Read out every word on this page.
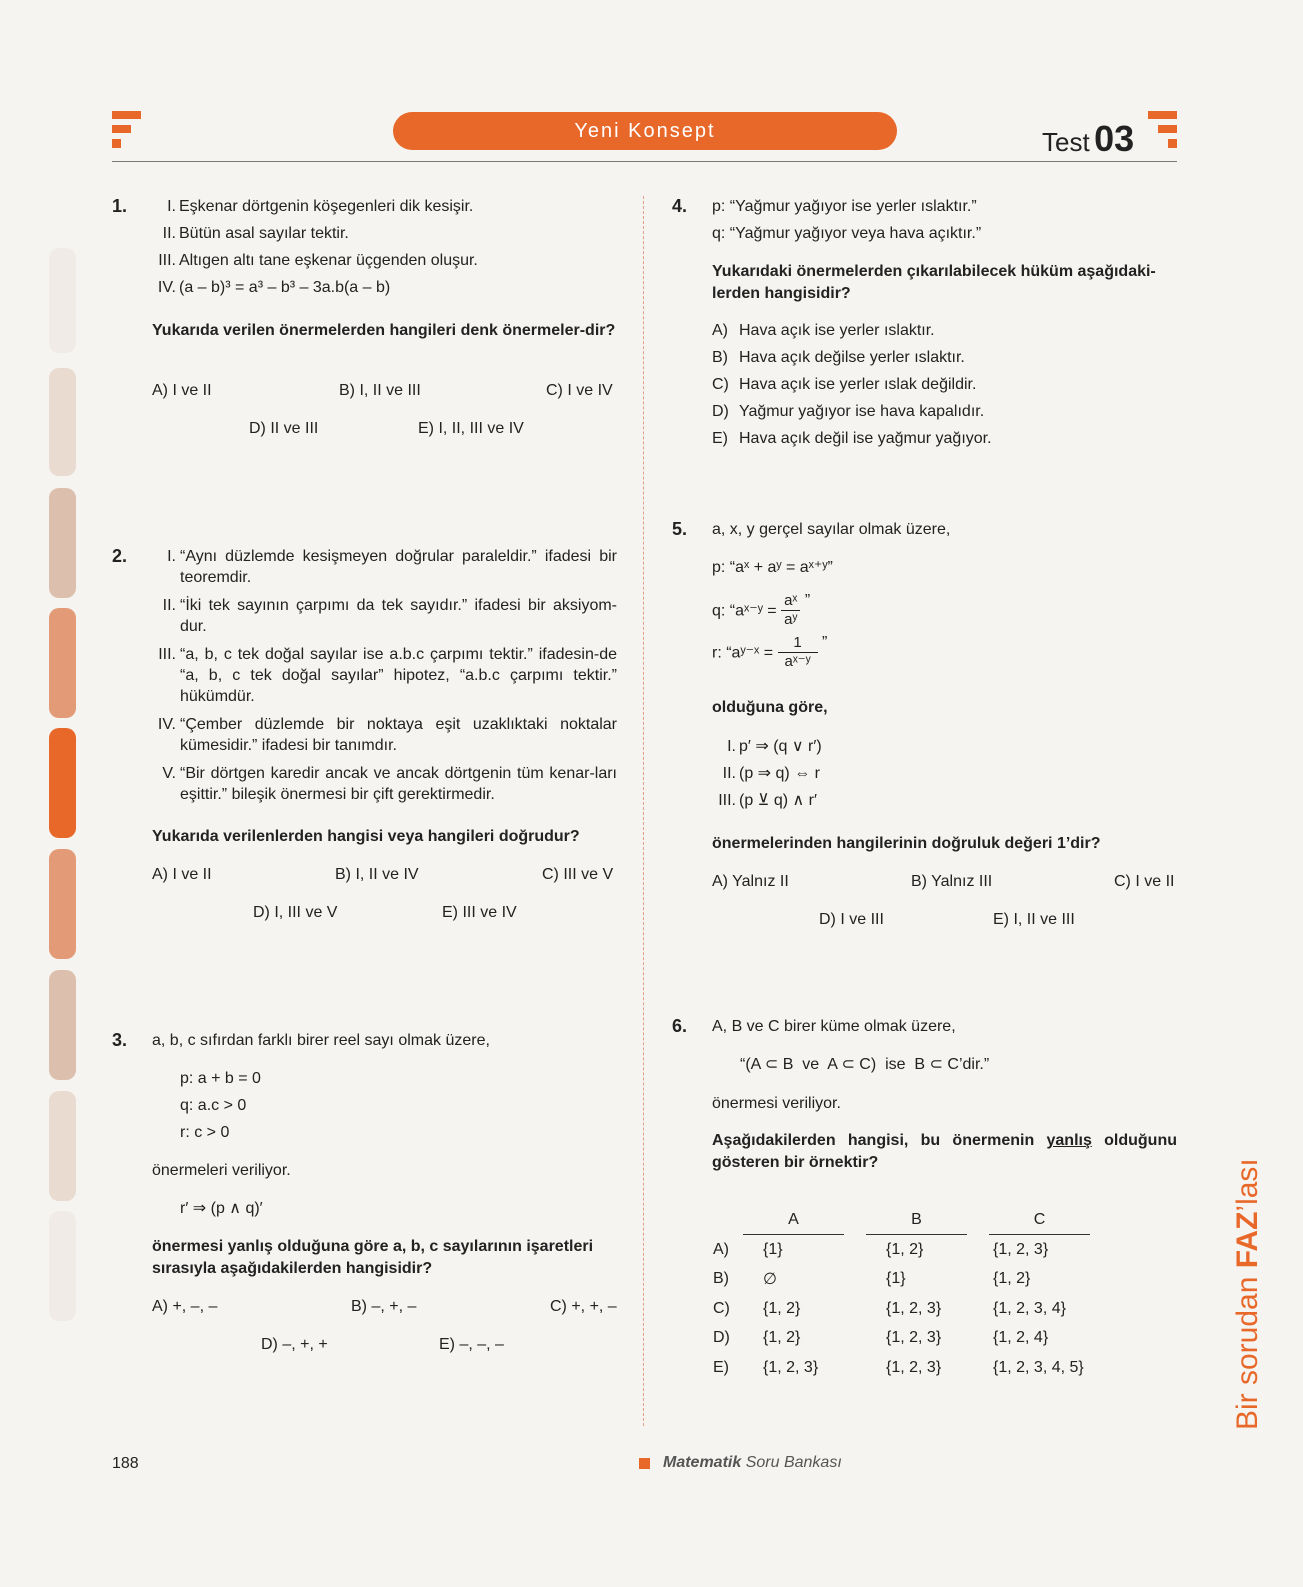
Yeni Konsept	Test 03
1.	I. Eşkenar dörtgenin köşegenleri dik kesişir.
II. Bütün asal sayılar tektir.
III. Altıgen altı tane eşkenar üçgenden oluşur.
IV. (a – b)³ = a³ – b³ – 3a.b(a – b)
Yukarıda verilen önermelerden hangileri denk önermeler-dir?
A) I ve II	B) I, II ve III	C) I ve IV
D) II ve III	E) I, II, III ve IV
2.	I. “Aynı düzlemde kesişmeyen doğrular paraleldir.” ifadesi bir teoremdir.
II. “İki tek sayının çarpımı da tek sayıdır.” ifadesi bir aksiyom-dur.
III. “a, b, c tek doğal sayılar ise a.b.c çarpımı tektir.” ifadesin-de “a, b, c tek doğal sayılar” hipotez, “a.b.c çarpımı tektir.” hükümdür.
IV. “Çember düzlemde bir noktaya eşit uzaklıktaki noktalar kümesidir.” ifadesi bir tanımdır.
V. “Bir dörtgen karedir ancak ve ancak dörtgenin tüm kenar-ları eşittir.” bileşik önermesi bir çift gerektirmedir.
Yukarıda verilenlerden hangisi veya hangileri doğrudur?
A) I ve II	B) I, II ve IV	C) III ve V
D) I, III ve V	E) III ve IV
3. a, b, c sıfırdan farklı birer reel sayı olmak üzere,
p: a + b = 0
q: a.c > 0
r: c > 0
önermeleri veriliyor.
r′ ⇒ (p ∧ q)′
önermesi yanlış olduğuna göre a, b, c sayılarının işaretleri sırasıyla aşağıdakilerden hangisidir?
A) +, –, –	B) –, +, –	C) +, +, –
D) –, +, +	E) –, –, –
4. p: “Yağmur yağıyor ise yerler ıslaktır.”
q: “Yağmur yağıyor veya hava açıktır.”
Yukarıdaki önermelerden çıkarılabilecek hüküm aşağıdaki-lerden hangisidir?
A) Hava açık ise yerler ıslaktır.
B) Hava açık değilse yerler ıslaktır.
C) Hava açık ise yerler ıslak değildir.
D) Yağmur yağıyor ise hava kapalıdır.
E) Hava açık değil ise yağmur yağıyor.
5. a, x, y gerçel sayılar olmak üzere,
p: “aˣ + aʸ = aˣ⁺ʸ”
q: “aˣ⁻ʸ = $\frac{\text{aˣ}}{\text{aʸ}}$ ”
r: “aʸ⁻ˣ = $\frac{1}{\text{aˣ⁻ʸ}}$ ”
olduğuna göre,
I. p′ ⇒ (q ∨ r′)
II. (p ⇒ q) ⇔ r
III. (p ⊻ q) ∧ r′
önermelerinden hangilerinin doğruluk değeri 1’dir?
A) Yalnız II	B) Yalnız III	C) I ve II
D) I ve III	E) I, II ve III
6. A, B ve C birer küme olmak üzere,
“(A ⊂ B  ve  A ⊂ C)  ise  B ⊂ C’dir.”
önermesi veriliyor.
Aşağıdakilerden hangisi, bu önermenin yanlış olduğunu gösteren bir örnektir?
	A		B		C
A)	{1}		{1, 2}		{1, 2, 3}
B)	∅		{1}		{1, 2}
C)	{1, 2}		{1, 2, 3}		{1, 2, 3, 4}
D)	{1, 2}		{1, 2, 3}		{1, 2, 4}
E)	{1, 2, 3}		{1, 2, 3}		{1, 2, 3, 4, 5}	Bir sorudan FAZ’lası
188	Matematik Soru Bankası
